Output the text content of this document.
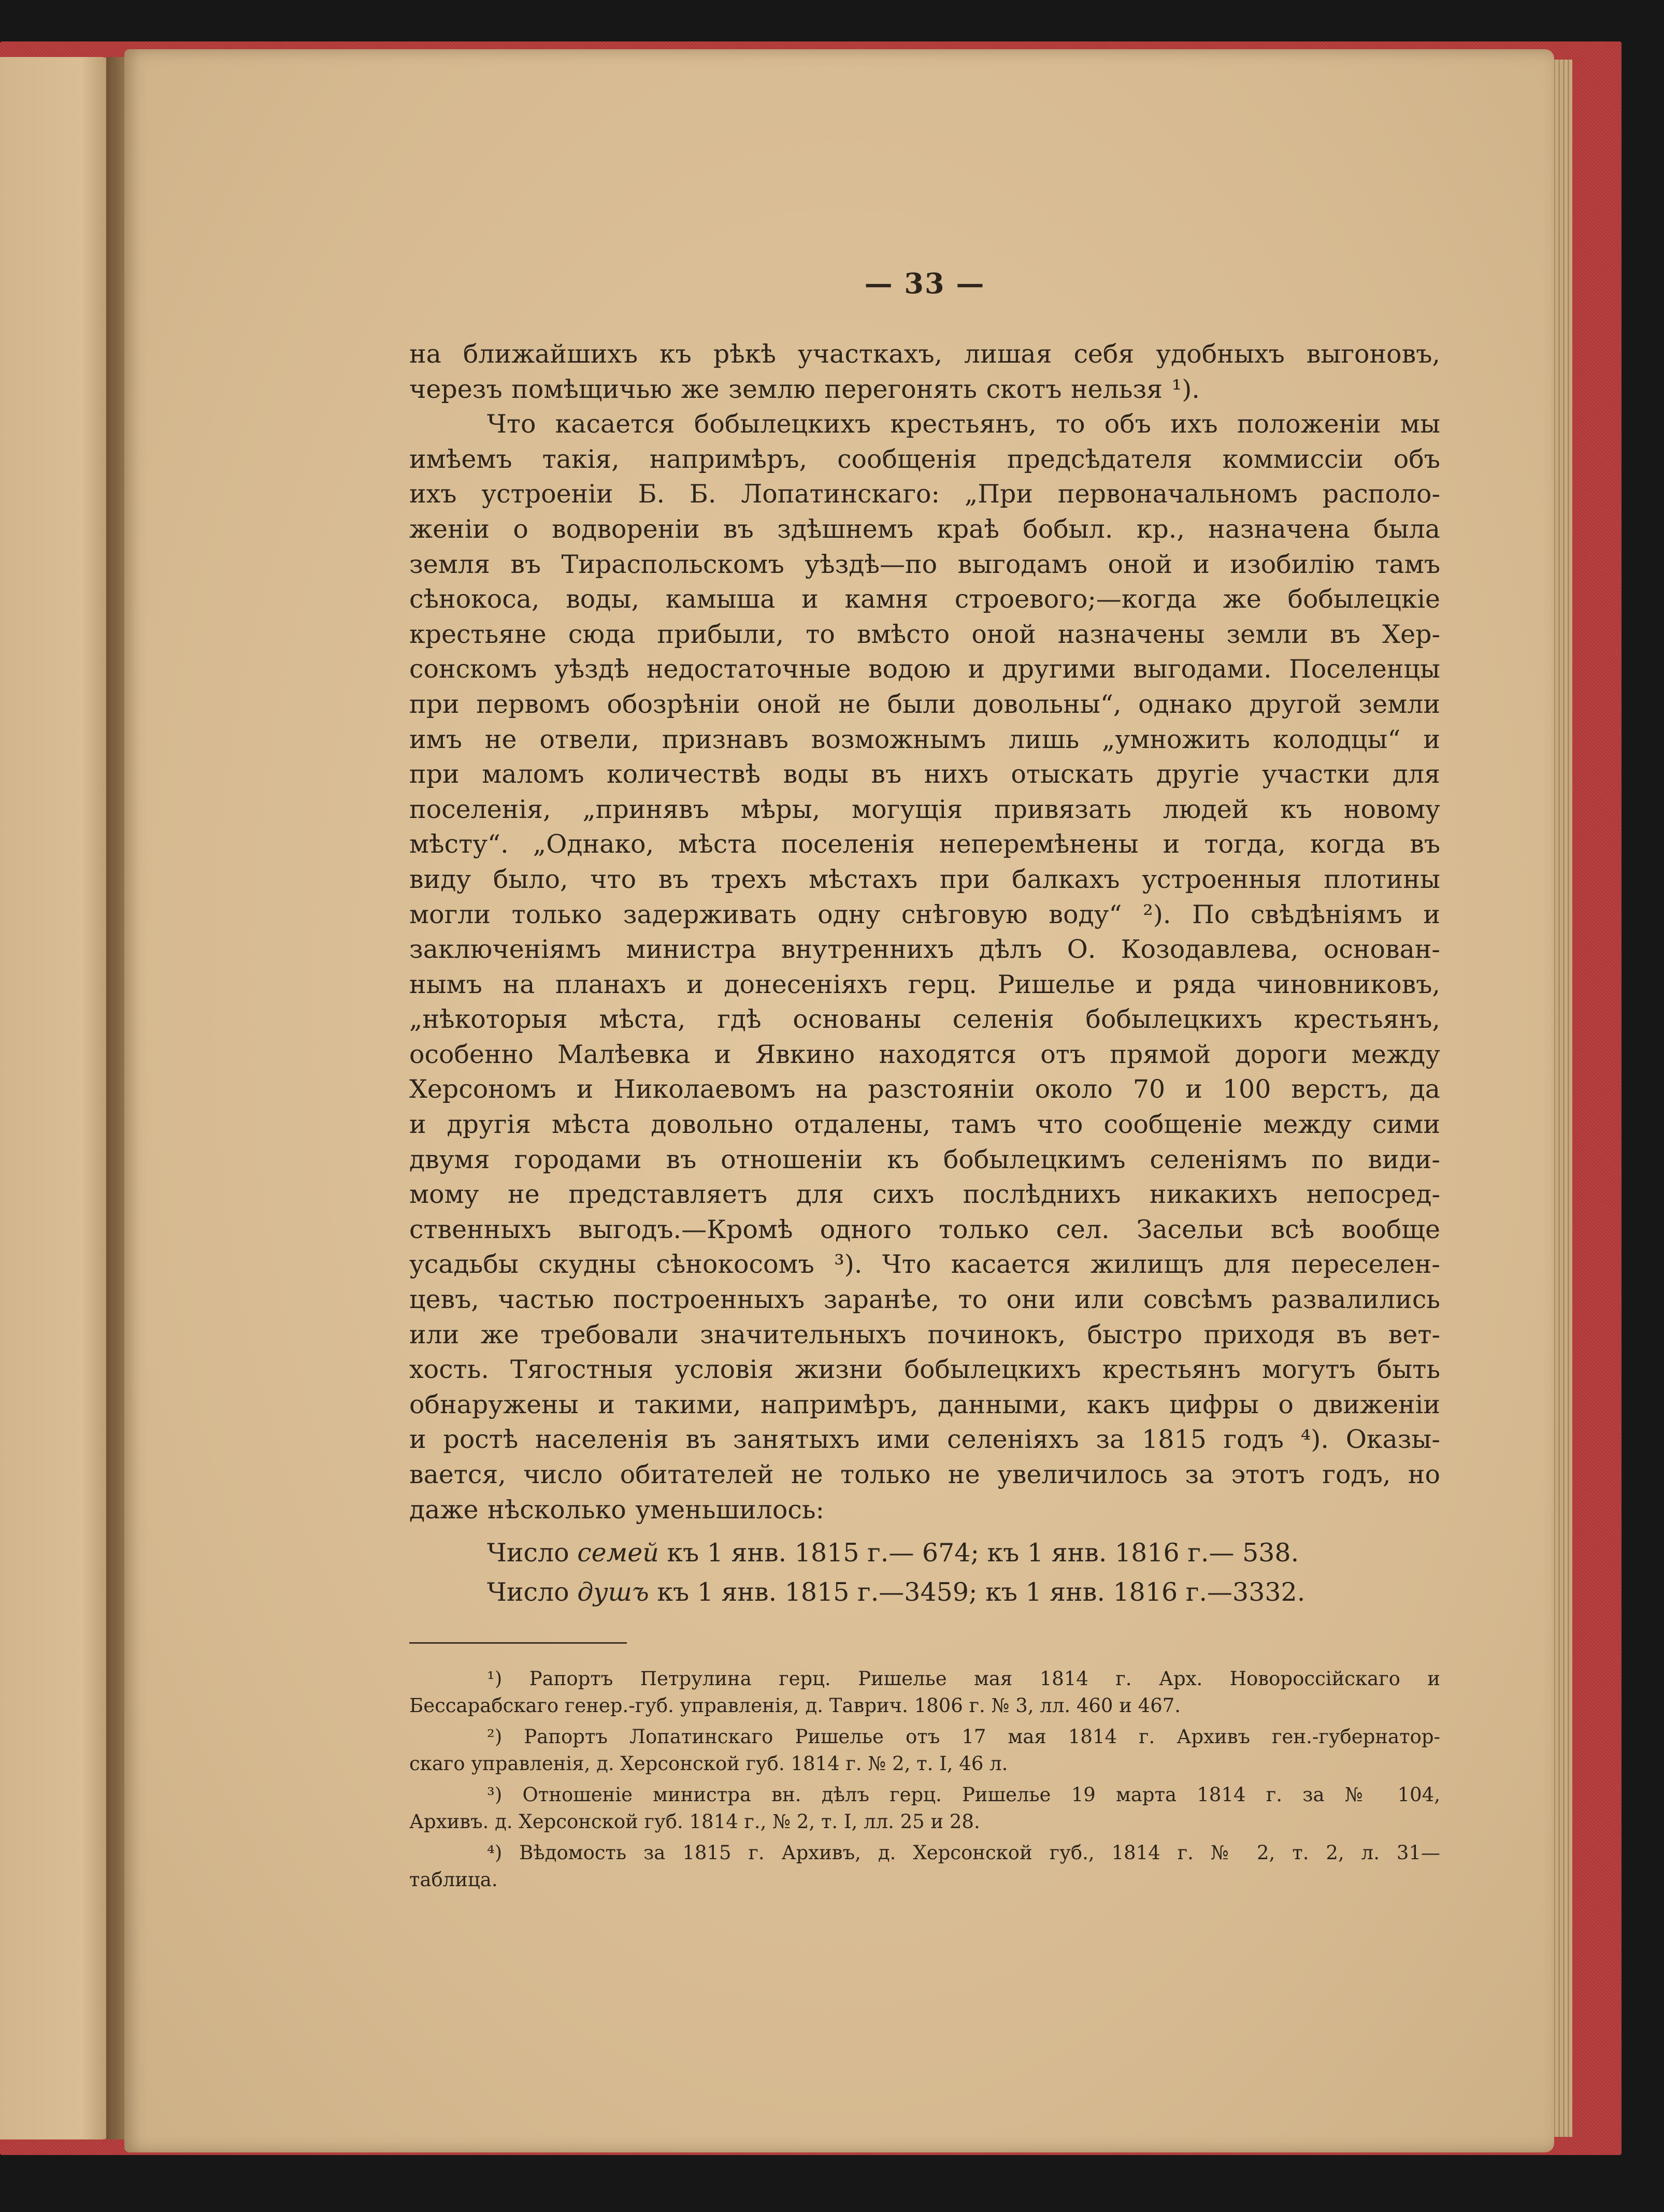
— 33 —
на ближайшихъ къ рѣкѣ участкахъ, лишая себя удобныхъ выгоновъ,
черезъ помѣщичью же землю перегонять скотъ нельзя ¹).
Что касается бобылецкихъ крестьянъ, то объ ихъ положеніи мы
имѣемъ такія, напримѣръ, сообщенія предсѣдателя коммиссіи объ
ихъ устроеніи Б. Б. Лопатинскаго: „При первоначальномъ располо-
женіи о водвореніи въ здѣшнемъ краѣ бобыл. кр., назначена была
земля въ Тираспольскомъ уѣздѣ—по выгодамъ оной и изобилію тамъ
сѣнокоса, воды, камыша и камня строевого;—когда же бобылецкіе
крестьяне сюда прибыли, то вмѣсто оной назначены земли въ Хер-
сонскомъ уѣздѣ недостаточные водою и другими выгодами. Поселенцы
при первомъ обозрѣніи оной не были довольны“, однако другой земли
имъ не отвели, признавъ возможнымъ лишь „умножить колодцы“ и
при маломъ количествѣ воды въ нихъ отыскать другіе участки для
поселенія, „принявъ мѣры, могущія привязать людей къ новому
мѣсту“. „Однако, мѣста поселенія неперемѣнены и тогда, когда въ
виду было, что въ трехъ мѣстахъ при балкахъ устроенныя плотины
могли только задерживать одну снѣговую воду“ ²). По свѣдѣніямъ и
заключеніямъ министра внутреннихъ дѣлъ О. Козодавлева, основан-
нымъ на планахъ и донесеніяхъ герц. Ришелье и ряда чиновниковъ,
„нѣкоторыя мѣста, гдѣ основаны селенія бобылецкихъ крестьянъ,
особенно Малѣевка и Явкино находятся отъ прямой дороги между
Херсономъ и Николаевомъ на разстояніи около 70 и 100 верстъ, да
и другія мѣста довольно отдалены, тамъ что сообщеніе между сими
двумя городами въ отношеніи къ бобылецкимъ селеніямъ по види-
мому не представляетъ для сихъ послѣднихъ никакихъ непосред-
ственныхъ выгодъ.—Кромѣ одного только сел. Засельи всѣ вообще
усадьбы скудны сѣнокосомъ ³). Что касается жилищъ для переселен-
цевъ, частью построенныхъ заранѣе, то они или совсѣмъ развалились
или же требовали значительныхъ починокъ, быстро приходя въ вет-
хость. Тягостныя условія жизни бобылецкихъ крестьянъ могутъ быть
обнаружены и такими, напримѣръ, данными, какъ цифры о движеніи
и ростѣ населенія въ занятыхъ ими селеніяхъ за 1815 годъ ⁴). Оказы-
вается, число обитателей не только не увеличилось за этотъ годъ, но
даже нѣсколько уменьшилось:
Число семей къ 1 янв. 1815 г.— 674; къ 1 янв. 1816 г.— 538.
Число душъ къ 1 янв. 1815 г.—3459; къ 1 янв. 1816 г.—3332.
¹) Рапортъ Петрулина герц. Ришелье мая 1814 г. Арх. Новороссійскаго и
Бессарабскаго генер.-губ. управленія, д. Таврич. 1806 г. № 3, лл. 460 и 467.
²) Рапортъ Лопатинскаго Ришелье отъ 17 мая 1814 г. Архивъ ген.-губернатор-
скаго управленія, д. Херсонской губ. 1814 г. № 2, т. I, 46 л.
³) Отношеніе министра вн. дѣлъ герц. Ришелье 19 марта 1814 г. за № 104,
Архивъ. д. Херсонской губ. 1814 г., № 2, т. I, лл. 25 и 28.
⁴) Вѣдомость за 1815 г. Архивъ, д. Херсонской губ., 1814 г. № 2, т. 2, л. 31—
таблица.
